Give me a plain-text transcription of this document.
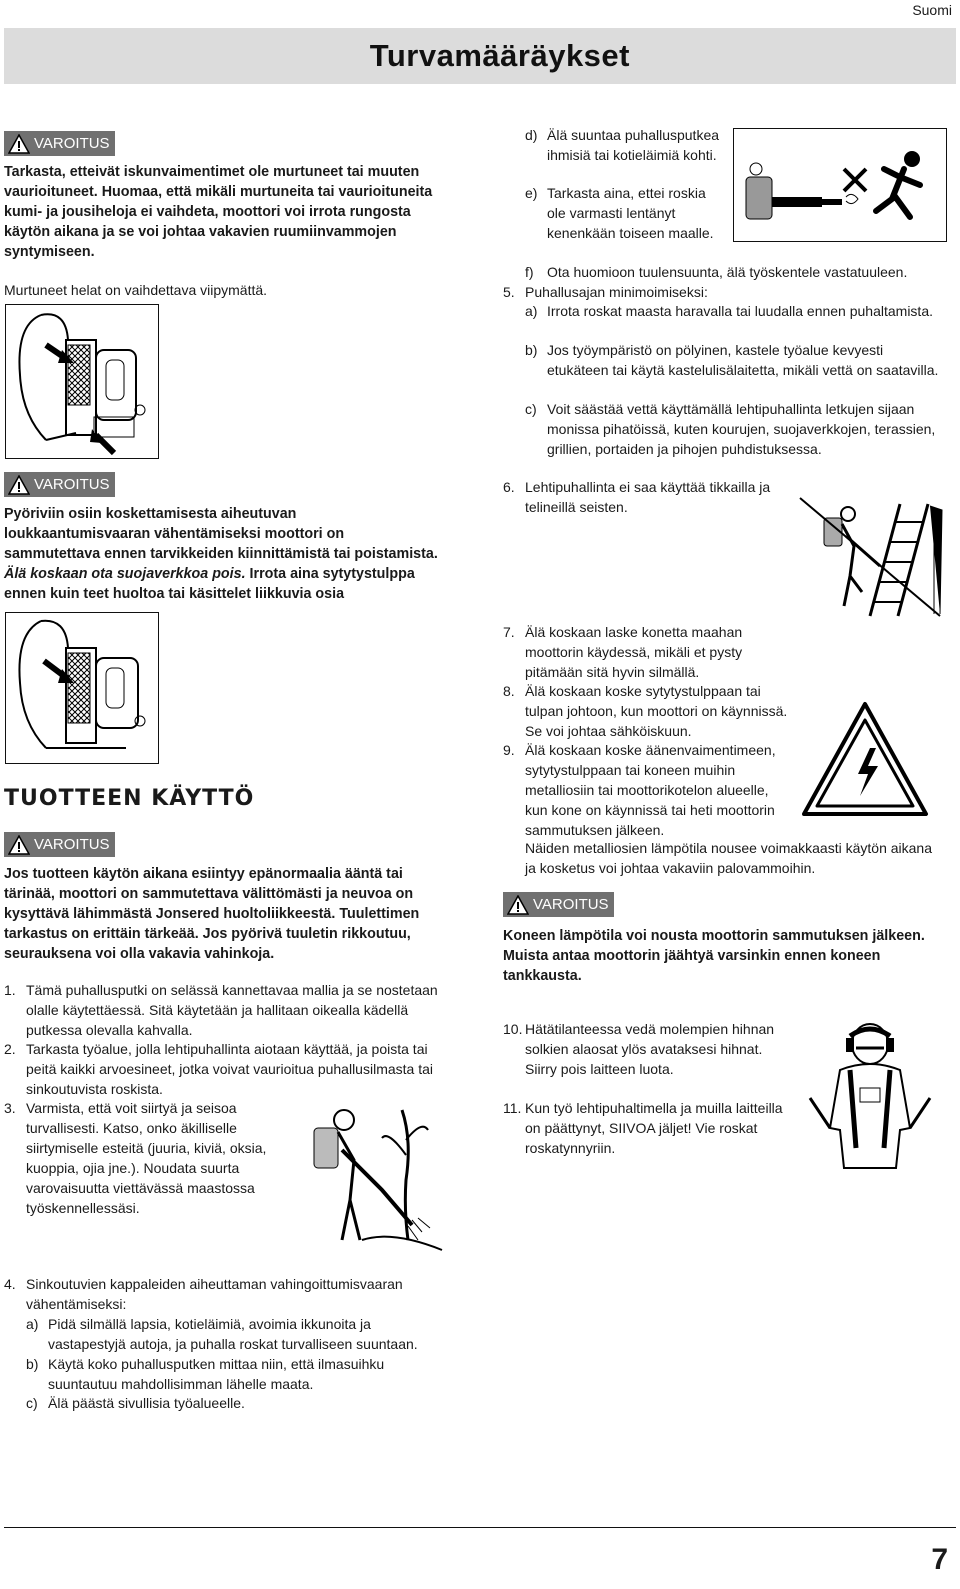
Suomi
Turvamääräykset
VAROITUS

Tarkasta, etteivät iskunvaimentimet ole murtuneet tai muuten vaurioituneet. Huomaa, että mikäli murtuneita tai vaurioituneita kumi- ja jousiheloja ei vaihdeta, moottori voi irrota rungosta käytön aikana ja se voi johtaa vakavien ruumiinvammojen syntymiseen.

Murtuneet helat on vaihdettava viipymättä.

VAROITUS

Pyöriviin osiin koskettamisesta aiheutuvan loukkaantumisvaaran vähentämiseksi moottori on sammutettava ennen tarvikkeiden kiinnittämistä tai poistamista. Älä koskaan ota suojaverkkoa pois. Irrota aina sytytystulppa ennen kuin teet huoltoa tai käsittelet liikkuvia osia

TUOTTEEN KÄYTTÖ
VAROITUS

Jos tuotteen käytön aikana esiintyy epänormaalia ääntä tai tärinää, moottori on sammutettava välittömästi ja neuvoa on kysyttävä lähimmästä Jonsered huoltoliikkeestä. Tuulettimen tarkastus on erittäin tärkeää. Jos pyörivä tuuletin rikkoutuu, seurauksena voi olla vakavia vahinkoja.

1. Tämä puhallusputki on selässä kannettavaa mallia ja se nostetaan olalle käytettäessä. Sitä käytetään ja hallitaan oikealla kädellä putkessa olevalla kahvalla.

2. Tarkasta työalue, jolla lehtipuhallinta aiotaan käyttää, ja poista tai peitä kaikki arvoesineet, jotka voivat vaurioitua puhallusilmasta tai sinkoutuvista roskista.

3. Varmista, että voit siirtyä ja seisoa turvallisesti. Katso, onko äkilliselle siirtymiselle esteitä (juuria, kiviä, oksia, kuoppia, ojia jne.). Noudata suurta varovaisuutta viettävässä maastossa työskennellessäsi.

4. Sinkoutuvien kappaleiden aiheuttaman vahingoittumisvaaran vähentämiseksi:

a) Pidä silmällä lapsia, kotieläimiä, avoimia ikkunoita ja vastapestyjä autoja, ja puhalla roskat turvalliseen suuntaan.

b) Käytä koko puhallusputken mittaa niin, että ilmasuihku suuntautuu mahdollisimman lähelle maata.

c) Älä päästä sivullisia työalueelle.

d) Älä suuntaa puhallusputkea ihmisiä tai kotieläimiä kohti.

e) Tarkasta aina, ettei roskia ole varmasti lentänyt kenenkään toiseen maalle.

f) Ota huomioon tuulensuunta, älä työskentele vastatuuleen.

5. Puhallusajan minimoimiseksi:

a) Irrota roskat maasta haravalla tai luudalla ennen puhaltamista.

b) Jos työympäristö on pölyinen, kastele työalue kevyesti etukäteen tai käytä kastelulisälaitetta, mikäli vettä on saatavilla.

c) Voit säästää vettä käyttämällä lehtipuhallinta letkujen sijaan monissa pihatöissä, kuten kourujen, suojaverkkojen, terassien, grillien, portaiden ja pihojen puhdistuksessa.

6. Lehtipuhallinta ei saa käyttää tikkailla ja telineillä seisten.

7. Älä koskaan laske konetta maahan moottorin käydessä, mikäli et pysty pitämään sitä hyvin silmällä.

8. Älä koskaan koske sytytystulppaan tai tulpan johtoon, kun moottori on käynnissä. Se voi johtaa sähköiskuun.

9. Älä koskaan koske äänenvaimentimeen, sytytystulppaan tai koneen muihin metalliosiin tai moottorikotelon alueelle, kun kone on käynnissä tai heti moottorin sammutuksen jälkeen.

Näiden metalliosien lämpötila nousee voimakkaasti käytön aikana ja kosketus voi johtaa vakaviin palovammoihin.

VAROITUS

Koneen lämpötila voi nousta moottorin sammutuksen jälkeen. Muista antaa moottorin jäähtyä varsinkin ennen koneen tankkausta.

10. Hätätilanteessa vedä molempien hihnan solkien alaosat ylös avataksesi hihnat. Siirry pois laitteen luota.

11. Kun työ lehtipuhaltimella ja muilla laitteilla on päättynyt, SIIVOA jäljet! Vie roskat roskatynnyriin.

7
